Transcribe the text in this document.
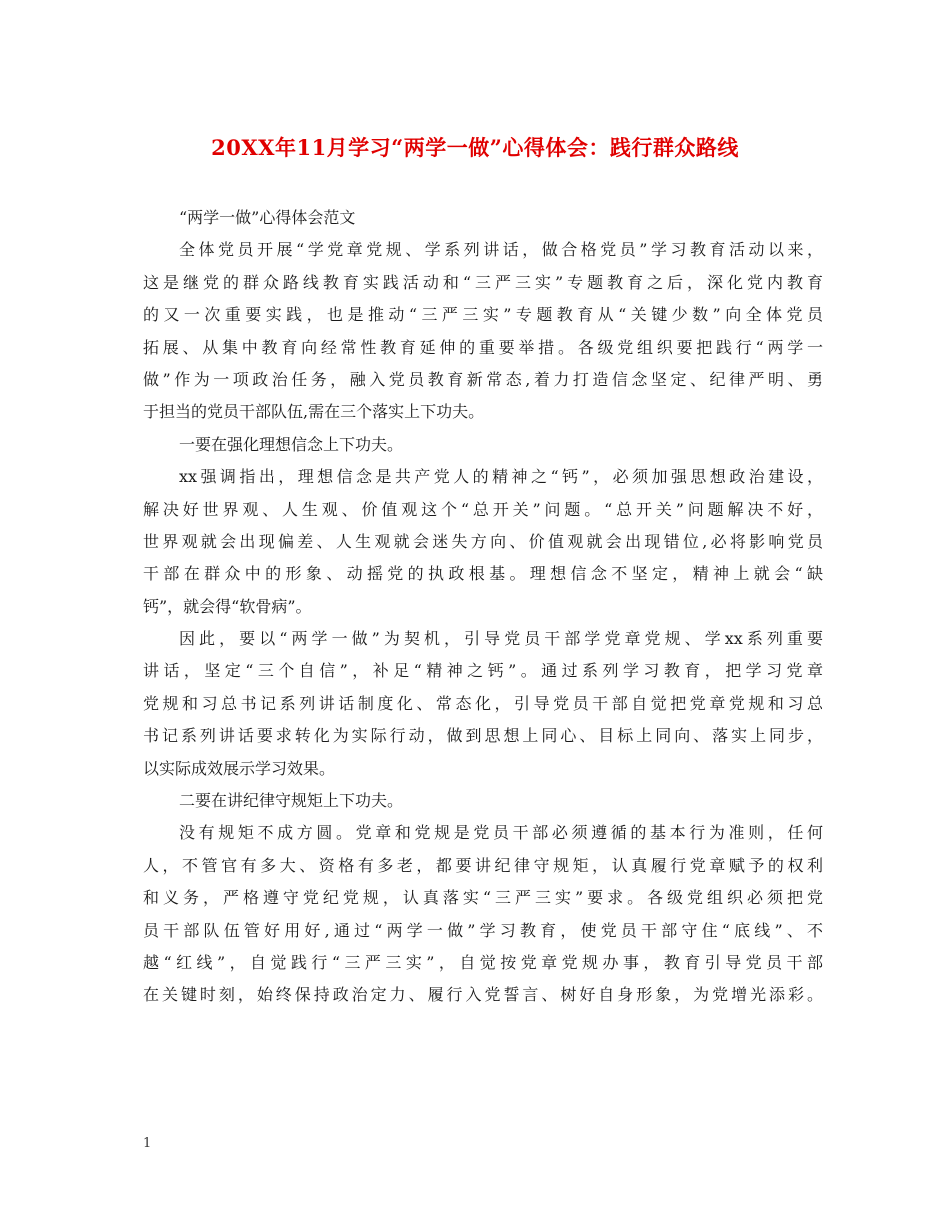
20XX年11月学习“两学一做”心得体会：践行群众路线
“两学一做”心得体会范文
全体党员开展“学党章党规、学系列讲话，做合格党员”学习教育活动以来，
这是继党的群众路线教育实践活动和“三严三实”专题教育之后，深化党内教育
的又一次重要实践，也是推动“三严三实”专题教育从“关键少数”向全体党员
拓展、从集中教育向经常性教育延伸的重要举措。各级党组织要把践行“两学一
做”作为一项政治任务，融入党员教育新常态,着力打造信念坚定、纪律严明、勇
于担当的党员干部队伍,需在三个落实上下功夫。
一要在强化理想信念上下功夫。
xx强调指出，理想信念是共产党人的精神之“钙”，必须加强思想政治建设，
解决好世界观、人生观、价值观这个“总开关”问题。“总开关”问题解决不好，
世界观就会出现偏差、人生观就会迷失方向、价值观就会出现错位,必将影响党员
干部在群众中的形象、动摇党的执政根基。理想信念不坚定，精神上就会“缺
钙”，就会得“软骨病”。
因此，要以“两学一做”为契机，引导党员干部学党章党规、学xx系列重要
讲话，坚定“三个自信”，补足“精神之钙”。通过系列学习教育，把学习党章
党规和习总书记系列讲话制度化、常态化，引导党员干部自觉把党章党规和习总
书记系列讲话要求转化为实际行动，做到思想上同心、目标上同向、落实上同步，
以实际成效展示学习效果。
二要在讲纪律守规矩上下功夫。
没有规矩不成方圆。党章和党规是党员干部必须遵循的基本行为准则，任何
人，不管官有多大、资格有多老，都要讲纪律守规矩，认真履行党章赋予的权利
和义务，严格遵守党纪党规，认真落实“三严三实”要求。各级党组织必须把党
员干部队伍管好用好,通过“两学一做”学习教育，使党员干部守住“底线”、不
越“红线”，自觉践行“三严三实”，自觉按党章党规办事，教育引导党员干部
在关键时刻，始终保持政治定力、履行入党誓言、树好自身形象，为党增光添彩。
1
